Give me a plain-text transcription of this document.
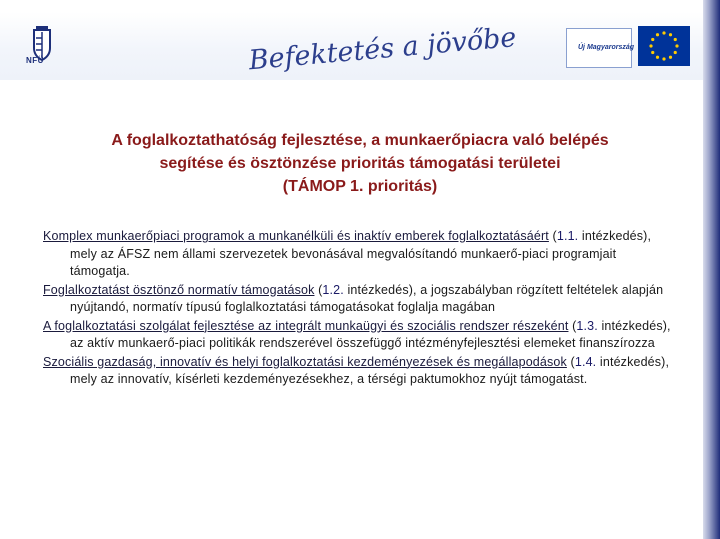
NFÜ	Befektetés a jövőbe	Új Magyarország
A foglalkoztathatóság fejlesztése, a munkaerőpiacra való belépés
segítése és ösztönzése prioritás támogatási területei
(TÁMOP 1. prioritás)
Komplex munkaerőpiaci programok a munkanélküli és inaktív emberek foglalkoztatásáért (1.1. intézkedés), mely az ÁFSZ nem állami szervezetek bevonásával megvalósítandó munkaerő-piaci programjait támogatja.
Foglalkoztatást ösztönző normatív támogatások (1.2. intézkedés), a jogszabályban rögzített feltételek alapján nyújtandó, normatív típusú foglalkoztatási támogatásokat foglalja magában
A foglalkoztatási szolgálat fejlesztése az integrált munkaügyi és szociális rendszer részeként (1.3. intézkedés), az aktív munkaerő-piaci politikák rendszerével összefüggő intézményfejlesztési elemeket finanszírozza
Szociális gazdaság, innovatív és helyi foglalkoztatási kezdeményezések és megállapodások (1.4. intézkedés), mely az innovatív, kísérleti kezdeményezésekhez, a térségi paktumokhoz nyújt támogatást.
